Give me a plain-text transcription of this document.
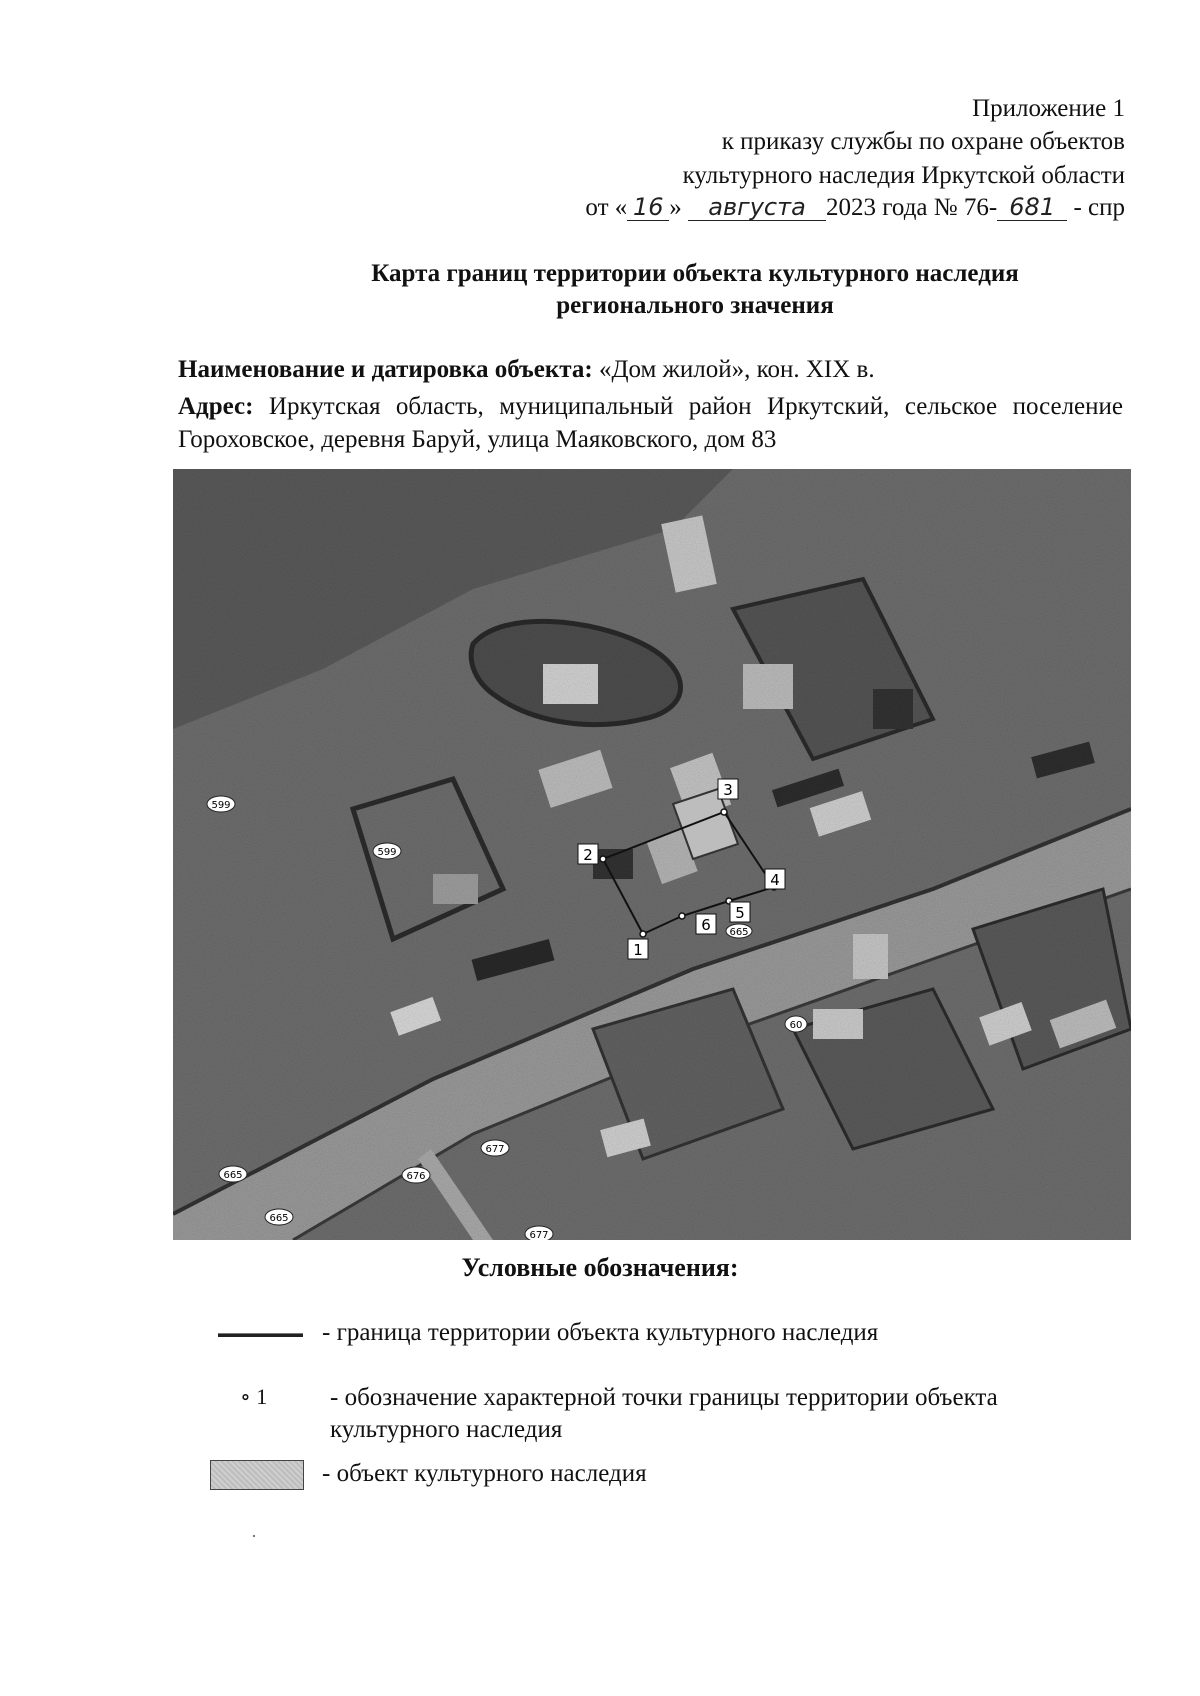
Приложение 1
к приказу службы по охране объектов
культурного наследия Иркутской области
от « 16 » августа 2023 года № 76- 681 - спр
Карта границ территории объекта культурного наследия
регионального значения
Наименование и датировка объекта: «Дом жилой», кон. XIX в.
Адрес: Иркутская область, муниципальный район Иркутский, сельское поселение Гороховское, деревня Баруй, улица Маяковского, дом 83
1
2
3
4
5
6
599
599
665
665
665
60
677
676
677
Условные обозначения:
- граница территории объекта культурного наследия
∘ 1	- обозначение характерной точки границы территории объекта культурного наследия
- объект культурного наследия
